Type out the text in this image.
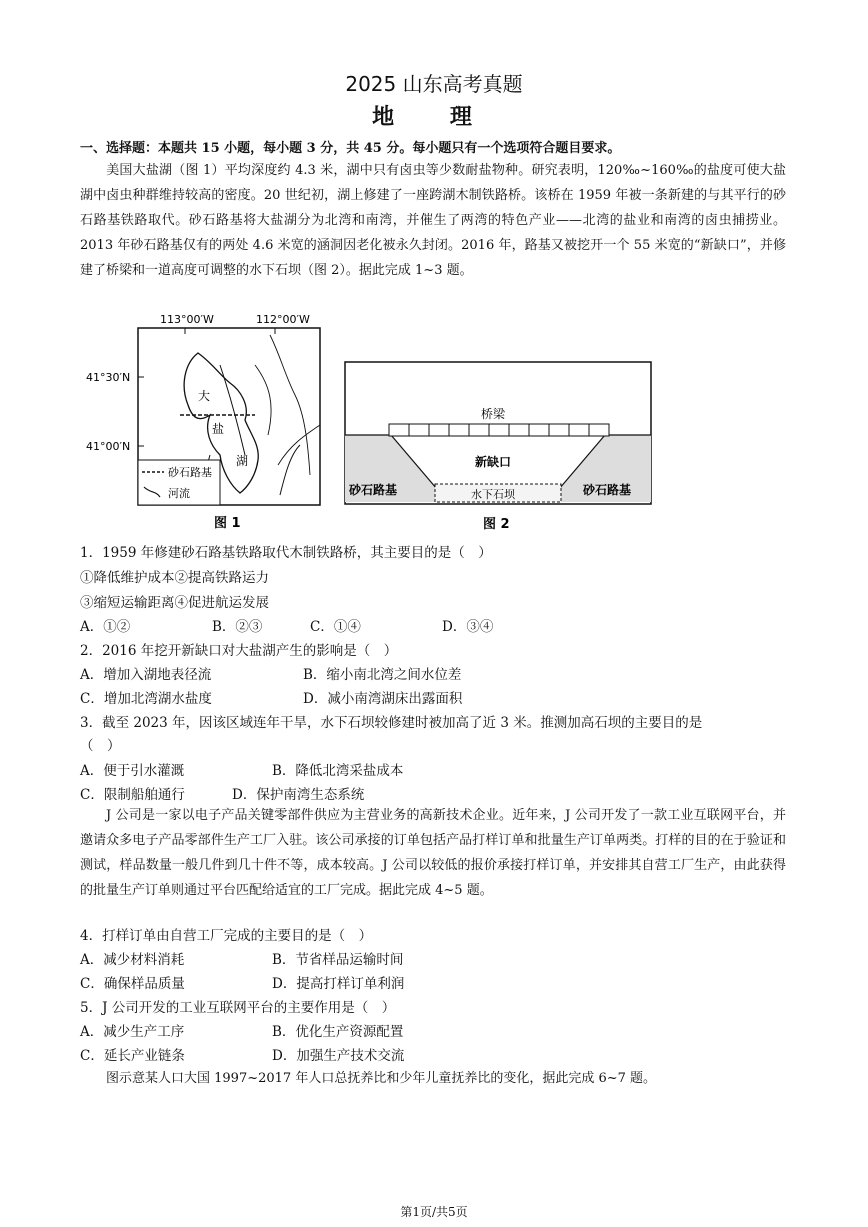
2025 山东高考真题
地 理
一、选择题：本题共 15 小题，每小题 3 分，共 45 分。每小题只有一个选项符合题目要求。
美国大盐湖（图 1）平均深度约 4.3 米，湖中只有卤虫等少数耐盐物种。研究表明，120‰~160‰的盐度可使大盐湖中卤虫种群维持较高的密度。20 世纪初，湖上修建了一座跨湖木制铁路桥。该桥在 1959 年被一条新建的与其平行的砂石路基铁路取代。砂石路基将大盐湖分为北湾和南湾，并催生了两湾的特色产业——北湾的盐业和南湾的卤虫捕捞业。2013 年砂石路基仅有的两处 4.6 米宽的涵洞因老化被永久封闭。2016 年，路基又被挖开一个 55 米宽的“新缺口”，并修建了桥梁和一道高度可调整的水下石坝（图 2）。据此完成 1~3 题。
113°00′W	112°00′W
41°30′N
41°00′N
大
盐
湖
砂石路基
河流
图 1
桥梁
新缺口
水下石坝
砂石路基	砂石路基
图 2
1．1959 年修建砂石路基铁路取代木制铁路桥，其主要目的是（　）
①降低维护成本②提高铁路运力
③缩短运输距离④促进航运发展
A．①②	B．②③	C．①④	D．③④
2．2016 年挖开新缺口对大盐湖产生的影响是（　）
A．增加入湖地表径流	B．缩小南北湾之间水位差
C．增加北湾湖水盐度	D．减小南湾湖床出露面积
3．截至 2023 年，因该区域连年干旱，水下石坝较修建时被加高了近 3 米。推测加高石坝的主要目的是
（　）
A．便于引水灌溉	B．降低北湾采盐成本
C．限制船舶通行	D．保护南湾生态系统
J 公司是一家以电子产品关键零部件供应为主营业务的高新技术企业。近年来，J 公司开发了一款工业互联网平台，并邀请众多电子产品零部件生产工厂入驻。该公司承接的订单包括产品打样订单和批量生产订单两类。打样的目的在于验证和测试，样品数量一般几件到几十件不等，成本较高。J 公司以较低的报价承接打样订单，并安排其自营工厂生产，由此获得的批量生产订单则通过平台匹配给适宜的工厂完成。据此完成 4~5 题。
4．打样订单由自营工厂完成的主要目的是（　）
A．减少材料消耗	B．节省样品运输时间
C．确保样品质量	D．提高打样订单利润
5．J 公司开发的工业互联网平台的主要作用是（　）
A．减少生产工序	B．优化生产资源配置
C．延长产业链条	D．加强生产技术交流
图示意某人口大国 1997~2017 年人口总抚养比和少年儿童抚养比的变化，据此完成 6~7 题。
第1页/共5页
